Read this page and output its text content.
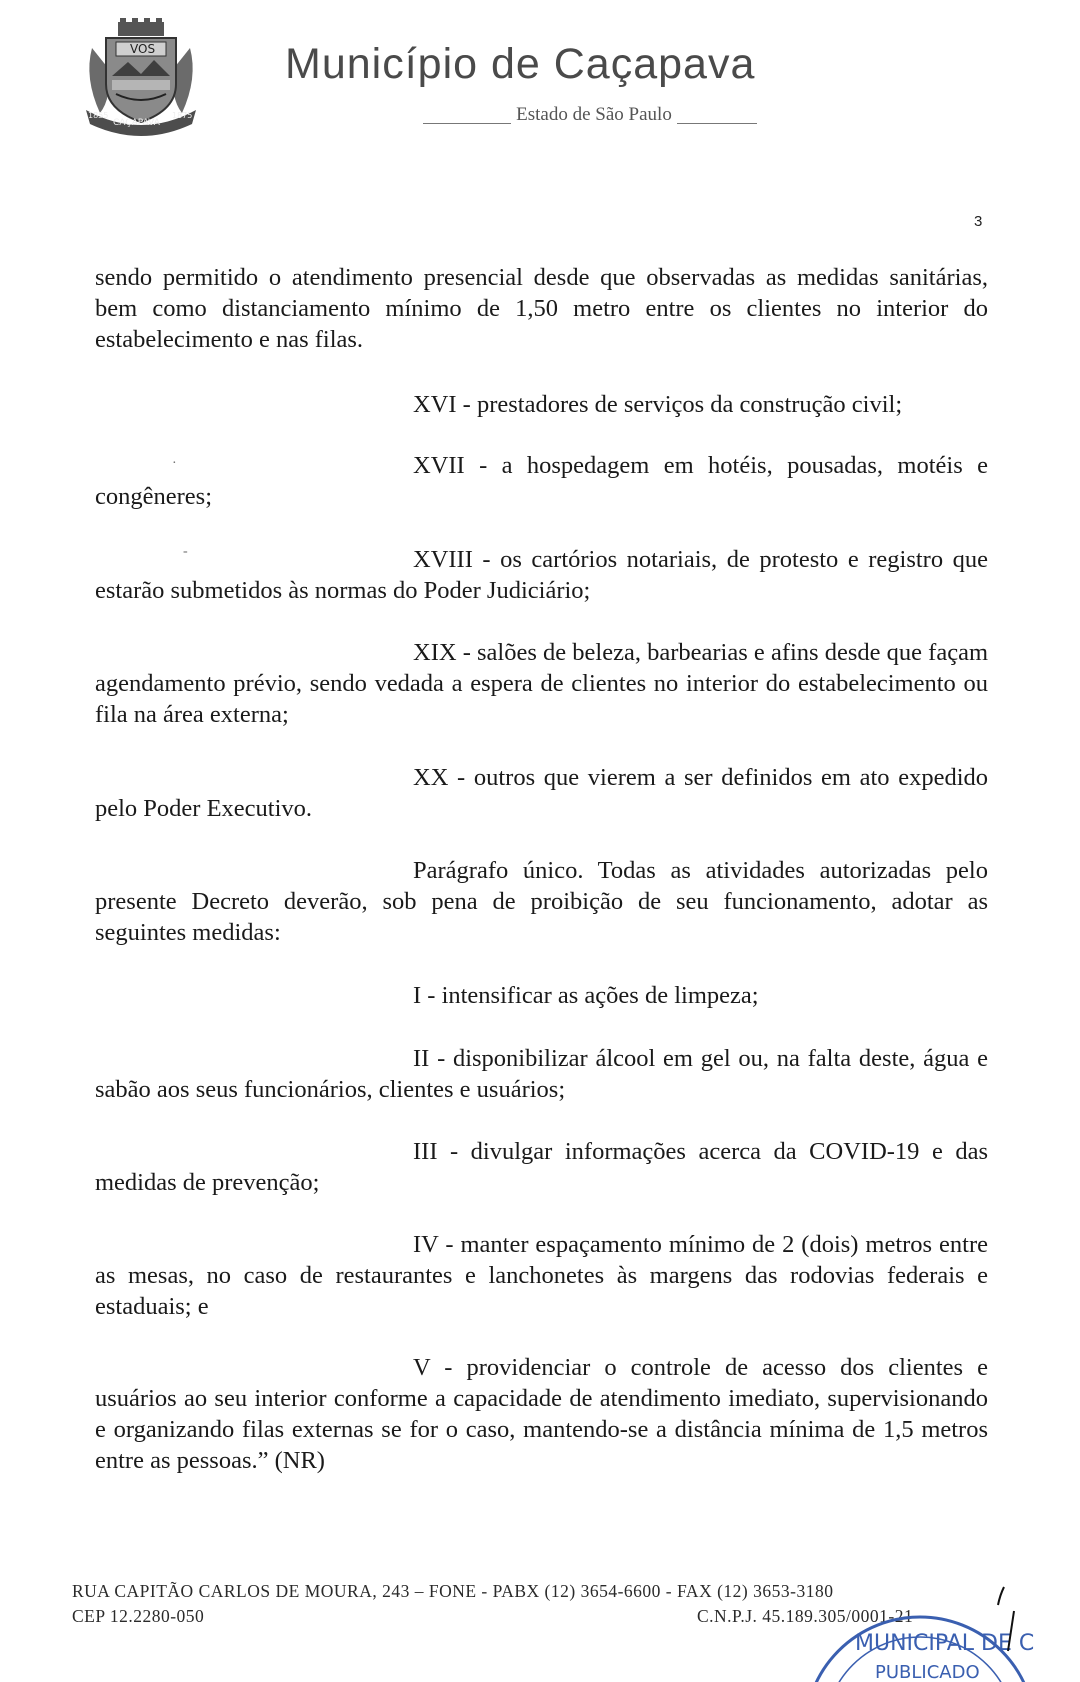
VOS
CAÇAPAVA
1855	1875
Município de Caçapava
Estado de São Paulo
3

sendo permitido o atendimento presencial desde que observadas as medidas sanitárias, bem como distanciamento mínimo de 1,50 metro entre os clientes no interior do estabelecimento e nas filas.

XVI - prestadores de serviços da construção civil;

XVII - a hospedagem em hotéis, pousadas, motéis e

congêneres;

XVIII - os cartórios notariais, de protesto e registro que estarão submetidos às normas do Poder Judiciário;

XIX - salões de beleza, barbearias e afins desde que façam agendamento prévio, sendo vedada a espera de clientes no interior do estabelecimento ou fila na área externa;

XX - outros que vierem a ser definidos em ato expedido pelo Poder Executivo.

Parágrafo único. Todas as atividades autorizadas pelo presente Decreto deverão, sob pena de proibição de seu funcionamento, adotar as seguintes medidas:

I - intensificar as ações de limpeza;

II - disponibilizar álcool em gel ou, na falta deste, água e sabão aos seus funcionários, clientes e usuários;

III - divulgar informações acerca da COVID-19 e das medidas de prevenção;

IV - manter espaçamento mínimo de 2 (dois) metros entre as mesas, no caso de restaurantes e lanchonetes às margens das rodovias federais e estaduais; e

V - providenciar o controle de acesso dos clientes e usuários ao seu interior conforme a capacidade de atendimento imediato, supervisionando e organizando filas externas se for o caso, mantendo-se a distância mínima de 1,5 metros entre as pessoas.” (NR)

·
-
RUA CAPITÃO CARLOS DE MOURA, 243 – FONE - PABX (12) 3654-6600 - FAX (12) 3653-3180
CEP 12.2280-050	C.N.P.J. 45.189.305/0001-21
MUNICIPAL DE C
PUBLICADO
